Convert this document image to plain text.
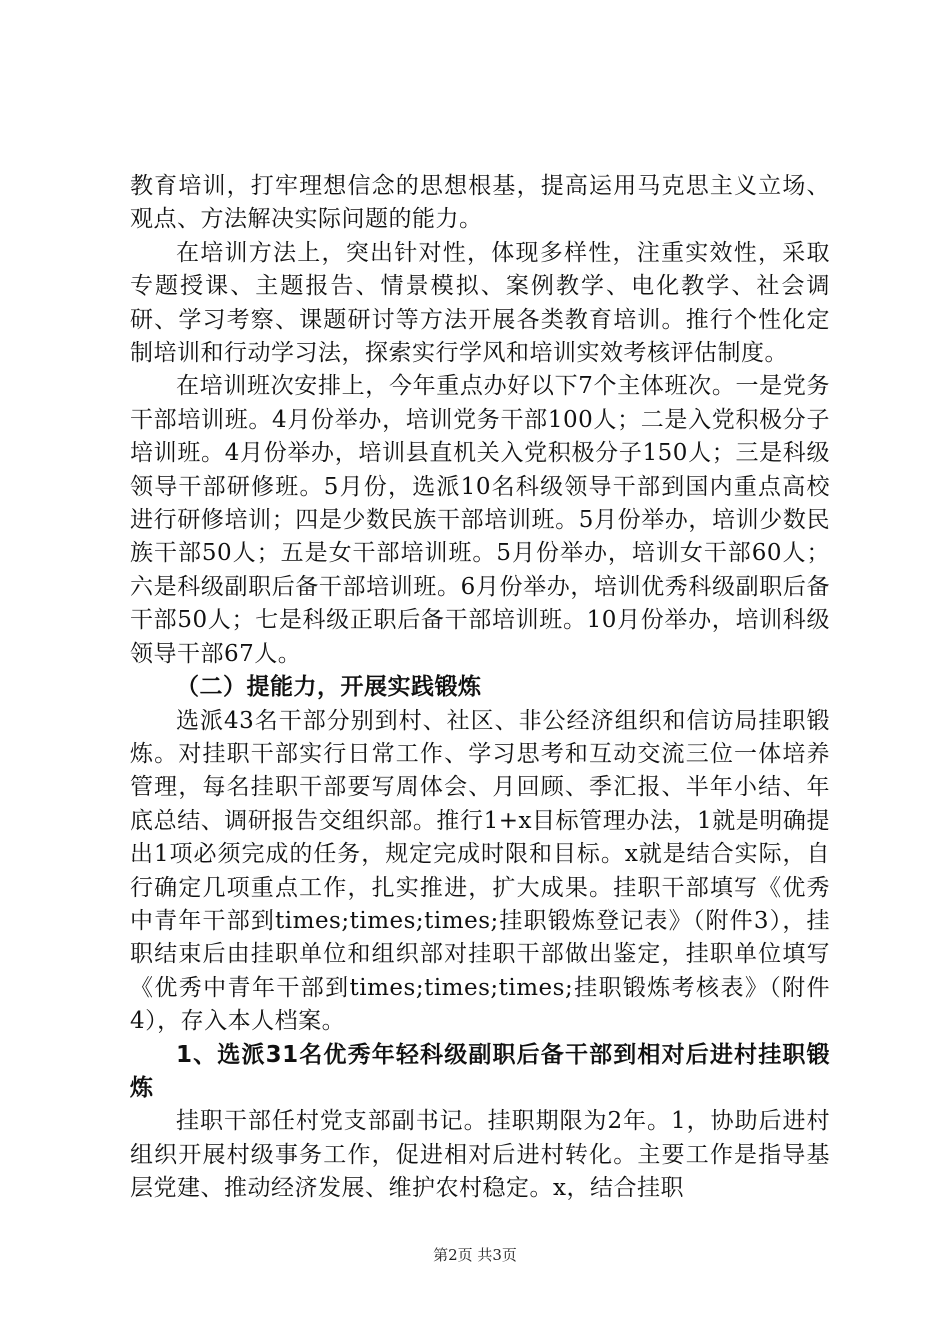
教育培训，打牢理想信念的思想根基，提高运用马克思主义立场、观点、方法解决实际问题的能力。

在培训方法上，突出针对性，体现多样性，注重实效性，采取专题授课、主题报告、情景模拟、案例教学、电化教学、社会调研、学习考察、课题研讨等方法开展各类教育培训。推行个性化定制培训和行动学习法，探索实行学风和培训实效考核评估制度。

在培训班次安排上，今年重点办好以下7个主体班次。一是党务干部培训班。4月份举办，培训党务干部100人；二是入党积极分子培训班。4月份举办，培训县直机关入党积极分子150人；三是科级领导干部研修班。5月份，选派10名科级领导干部到国内重点高校进行研修培训；四是少数民族干部培训班。5月份举办，培训少数民族干部50人；五是女干部培训班。5月份举办，培训女干部60人；六是科级副职后备干部培训班。6月份举办，培训优秀科级副职后备干部50人；七是科级正职后备干部培训班。10月份举办，培训科级领导干部67人。

（二）提能力，开展实践锻炼

选派43名干部分别到村、社区、非公经济组织和信访局挂职锻炼。对挂职干部实行日常工作、学习思考和互动交流三位一体培养管理，每名挂职干部要写周体会、月回顾、季汇报、半年小结、年底总结、调研报告交组织部。推行1+x目标管理办法，1就是明确提出1项必须完成的任务，规定完成时限和目标。x就是结合实际，自行确定几项重点工作，扎实推进，扩大成果。挂职干部填写《优秀中青年干部到times;times;times;挂职锻炼登记表》（附件3），挂职结束后由挂职单位和组织部对挂职干部做出鉴定，挂职单位填写《优秀中青年干部到times;times;times;挂职锻炼考核表》（附件4），存入本人档案。

1、选派31名优秀年轻科级副职后备干部到相对后进村挂职锻炼

挂职干部任村党支部副书记。挂职期限为2年。1，协助后进村组织开展村级事务工作，促进相对后进村转化。主要工作是指导基层党建、推动经济发展、维护农村稳定。x，结合挂职

第2页 共3页
